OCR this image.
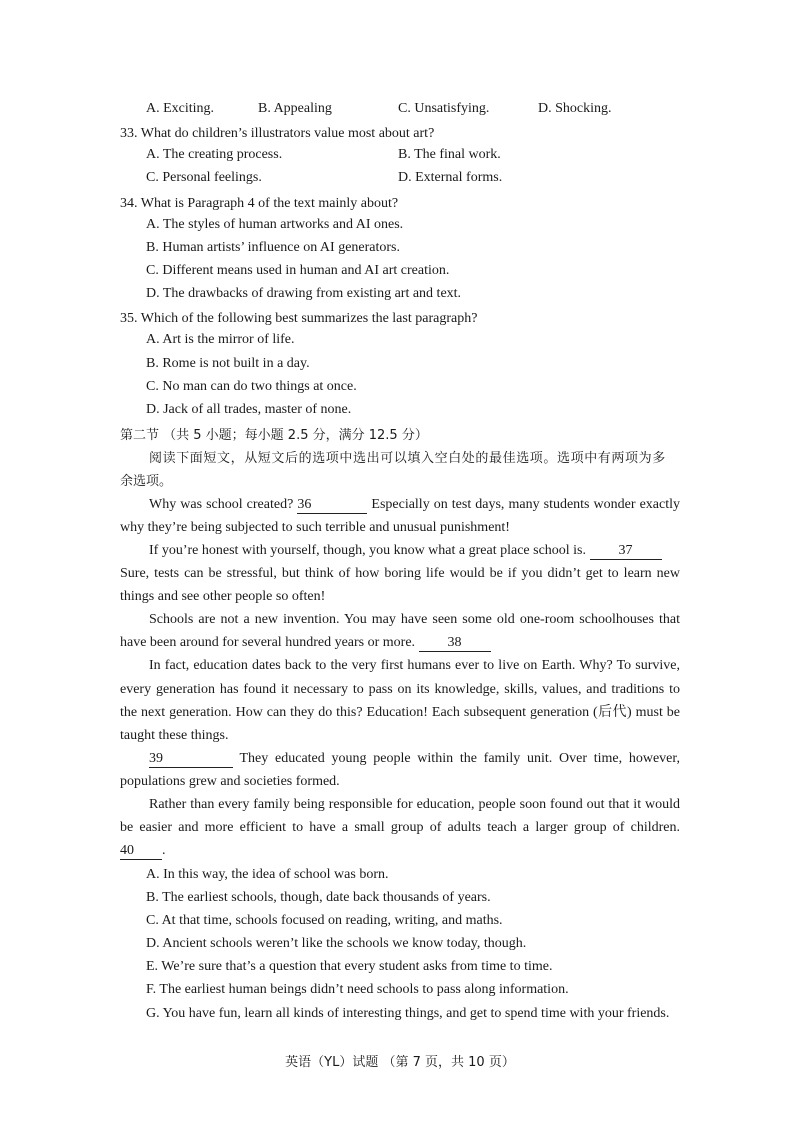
A. Exciting.	B. Appealing	C. Unsatisfying.	D. Shocking.
33. What do children’s illustrators value most about art?
A. The creating process.	B. The final work.
C. Personal feelings.	D. External forms.
34. What is Paragraph 4 of the text mainly about?
A. The styles of human artworks and AI ones.
B. Human artists’ influence on AI generators.
C. Different means used in human and AI art creation.
D. The drawbacks of drawing from existing art and text.
35. Which of the following best summarizes the last paragraph?
A. Art is the mirror of life.
B. Rome is not built in a day.
C. No man can do two things at once.
D. Jack of all trades, master of none.
第二节 （共 5 小题；每小题 2.5 分，满分 12.5 分）
阅读下面短文，从短文后的选项中选出可以填入空白处的最佳选项。选项中有两项为多
余选项。
Why was school created? 36	Especially on test days, many students wonder exactly
why they’re being subjected to such terrible and unusual punishment!
If you’re honest with yourself, though, you know what a great place school is. 37
Sure, tests can be stressful, but think of how boring life would be if you didn’t get to learn new
things and see other people so often!
Schools are not a new invention. You may have seen some old one-room schoolhouses that
have been around for several hundred years or more. 38
In fact, education dates back to the very first humans ever to live on Earth. Why? To survive,
every generation has found it necessary to pass on its knowledge, skills, values, and traditions to
the next generation. How can they do this? Education! Each subsequent generation (后代) must be
taught these things.
39	They educated young people within the family unit. Over time, however,
populations grew and societies formed.
Rather than every family being responsible for education, people soon found out that it would
be easier and more efficient to have a small group of adults teach a larger group of children.
40 .
A. In this way, the idea of school was born.
B. The earliest schools, though, date back thousands of years.
C. At that time, schools focused on reading, writing, and maths.
D. Ancient schools weren’t like the schools we know today, though.
E. We’re sure that’s a question that every student asks from time to time.
F. The earliest human beings didn’t need schools to pass along information.
G. You have fun, learn all kinds of interesting things, and get to spend time with your friends.
英语（YL）试题 （第 7 页，共 10 页）
